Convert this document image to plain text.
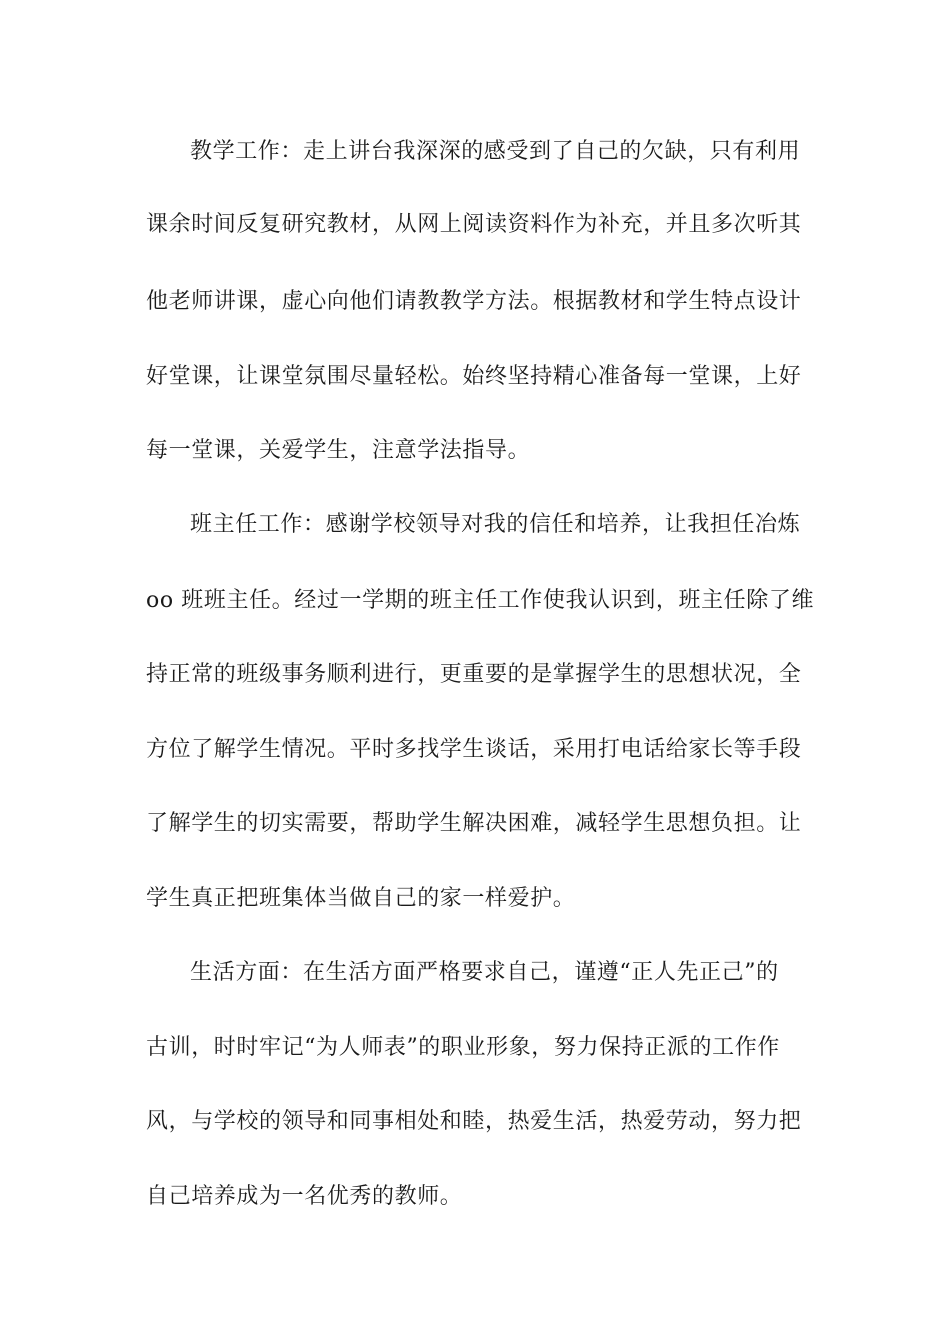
教学工作：走上讲台我深深的感受到了自己的欠缺，只有利用
课余时间反复研究教材，从网上阅读资料作为补充，并且多次听其
他老师讲课，虚心向他们请教教学方法。根据教材和学生特点设计
好堂课，让课堂氛围尽量轻松。始终坚持精心准备每一堂课，上好
每一堂课，关爱学生，注意学法指导。
班主任工作：感谢学校领导对我的信任和培养，让我担任冶炼
oo 班班主任。经过一学期的班主任工作使我认识到，班主任除了维
持正常的班级事务顺利进行，更重要的是掌握学生的思想状况，全
方位了解学生情况。平时多找学生谈话，采用打电话给家长等手段
了解学生的切实需要，帮助学生解决困难，减轻学生思想负担。让
学生真正把班集体当做自己的家一样爱护。
生活方面：在生活方面严格要求自己，谨遵“正人先正己”的
古训，时时牢记“为人师表”的职业形象，努力保持正派的工作作
风，与学校的领导和同事相处和睦，热爱生活，热爱劳动，努力把
自己培养成为一名优秀的教师。
